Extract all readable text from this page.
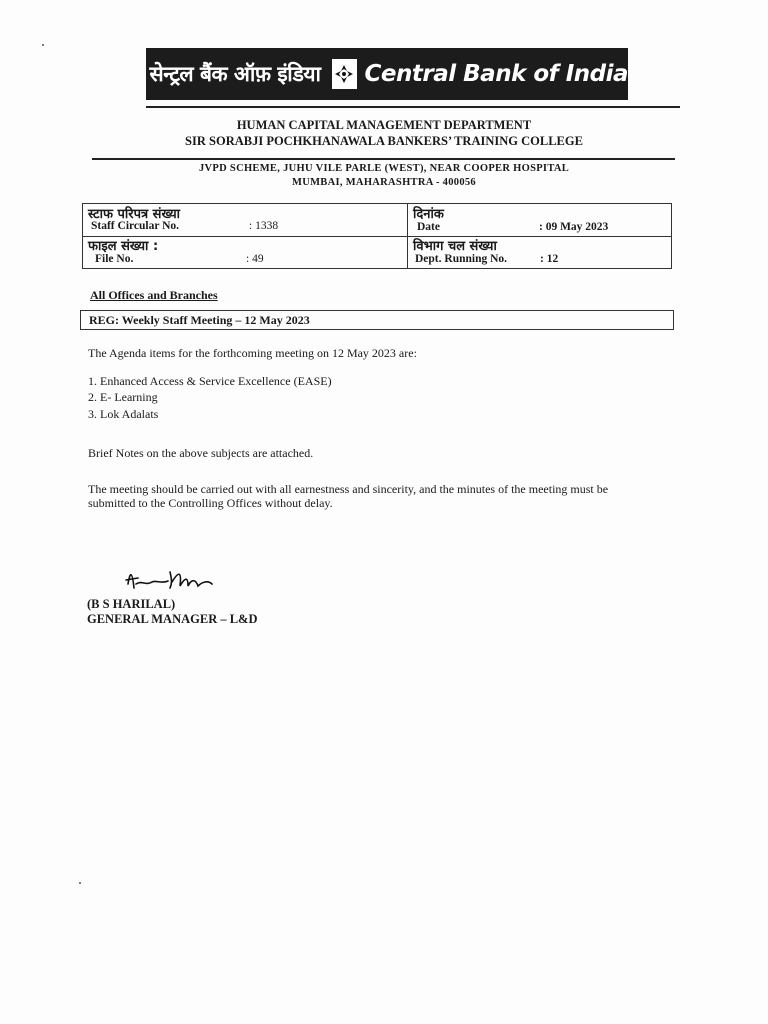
सेन्ट्रल बैंक ऑफ़ इंडिया Central Bank of India
HUMAN CAPITAL MANAGEMENT DEPARTMENT
SIR SORABJI POCHKHANAWALA BANKERS’ TRAINING COLLEGE
JVPD SCHEME, JUHU VILE PARLE (WEST), NEAR COOPER HOSPITAL
MUMBAI, MAHARASHTRA - 400056
स्टाफ परिपत्र संख्या
Staff Circular No.	: 1338
दिनांक
Date	: 09 May 2023
फाइल संख्या :
File No.	: 49
विभाग चल संख्या
Dept. Running No.	: 12
All Offices and Branches
REG: Weekly Staff Meeting – 12 May 2023
The Agenda items for the forthcoming meeting on 12 May 2023 are:
1. Enhanced Access & Service Excellence (EASE)
2. E- Learning
3. Lok Adalats
Brief Notes on the above subjects are attached.
The meeting should be carried out with all earnestness and sincerity, and the minutes of the meeting must be
submitted to the Controlling Offices without delay.
(B S HARILAL)
GENERAL MANAGER – L&D
